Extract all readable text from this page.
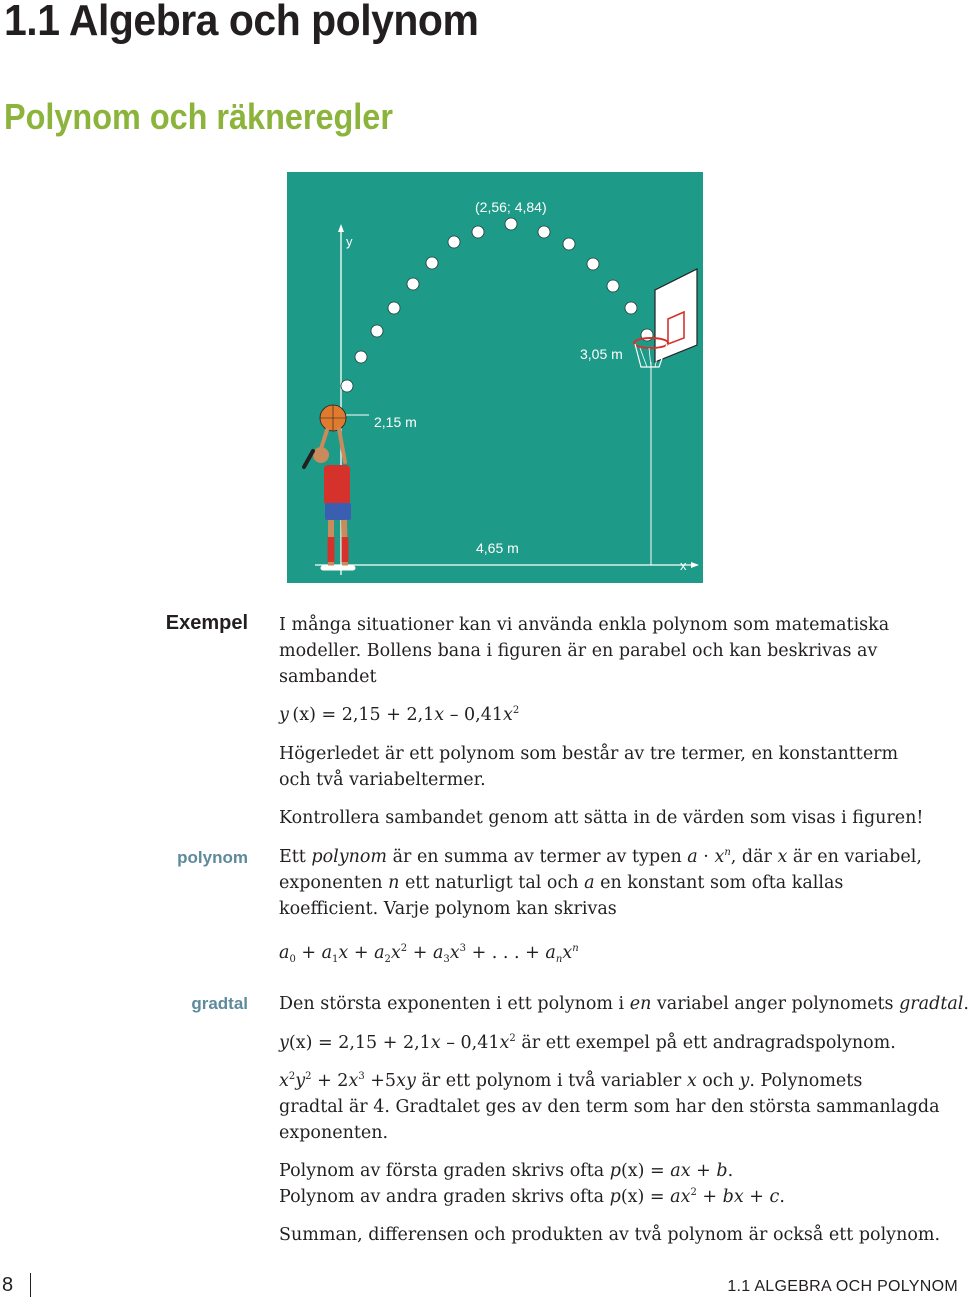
1.1 Algebra och polynom
Polynom och räkneregler
y
x
2,15 m
3,05 m
(2,56; 4,84)
4,65 m
Exempel
polynom
gradtal
I många situationer kan vi använda enkla polynom som matematiska
modeller. Bollens bana i figuren är en parabel och kan beskrivas av
sambandet
y  $(x) = 2,15 + 2,1x - 0,41x^2$
Högerledet är ett polynom som består av tre termer, en konstantterm
och två variabeltermer.
Kontrollera sambandet genom att sätta in de värden som visas i figuren!
Ett polynom är en summa av termer av typen $a \cdot x^n$, där x är en variabel,
exponenten n ett naturligt tal och a en konstant som ofta kallas
koefficient. Varje polynom kan skrivas
$a_0 + a_1x + a_2x^2 + a_3x^3$ + . . . + $a_nx^n$
Den största exponenten i ett polynom i en variabel anger polynomets gradtal.
$y(x) = 2,15 + 2,1x - 0,41x^2$ är ett exempel på ett andragradspolynom.
$x^2y^2 + 2x^3 +5xy$ är ett polynom i två variabler x och y. Polynomets
gradtal är 4. Gradtalet ges av den term som har den största sammanlagda
exponenten.
Polynom av första graden skrivs ofta p(x) = ax + b.
Polynom av andra graden skrivs ofta $p(x) = ax^2$ + bx + c.
Summan, differensen och produkten av två polynom är också ett polynom.
8	1.1 ALGEBRA OCH POLYNOM
